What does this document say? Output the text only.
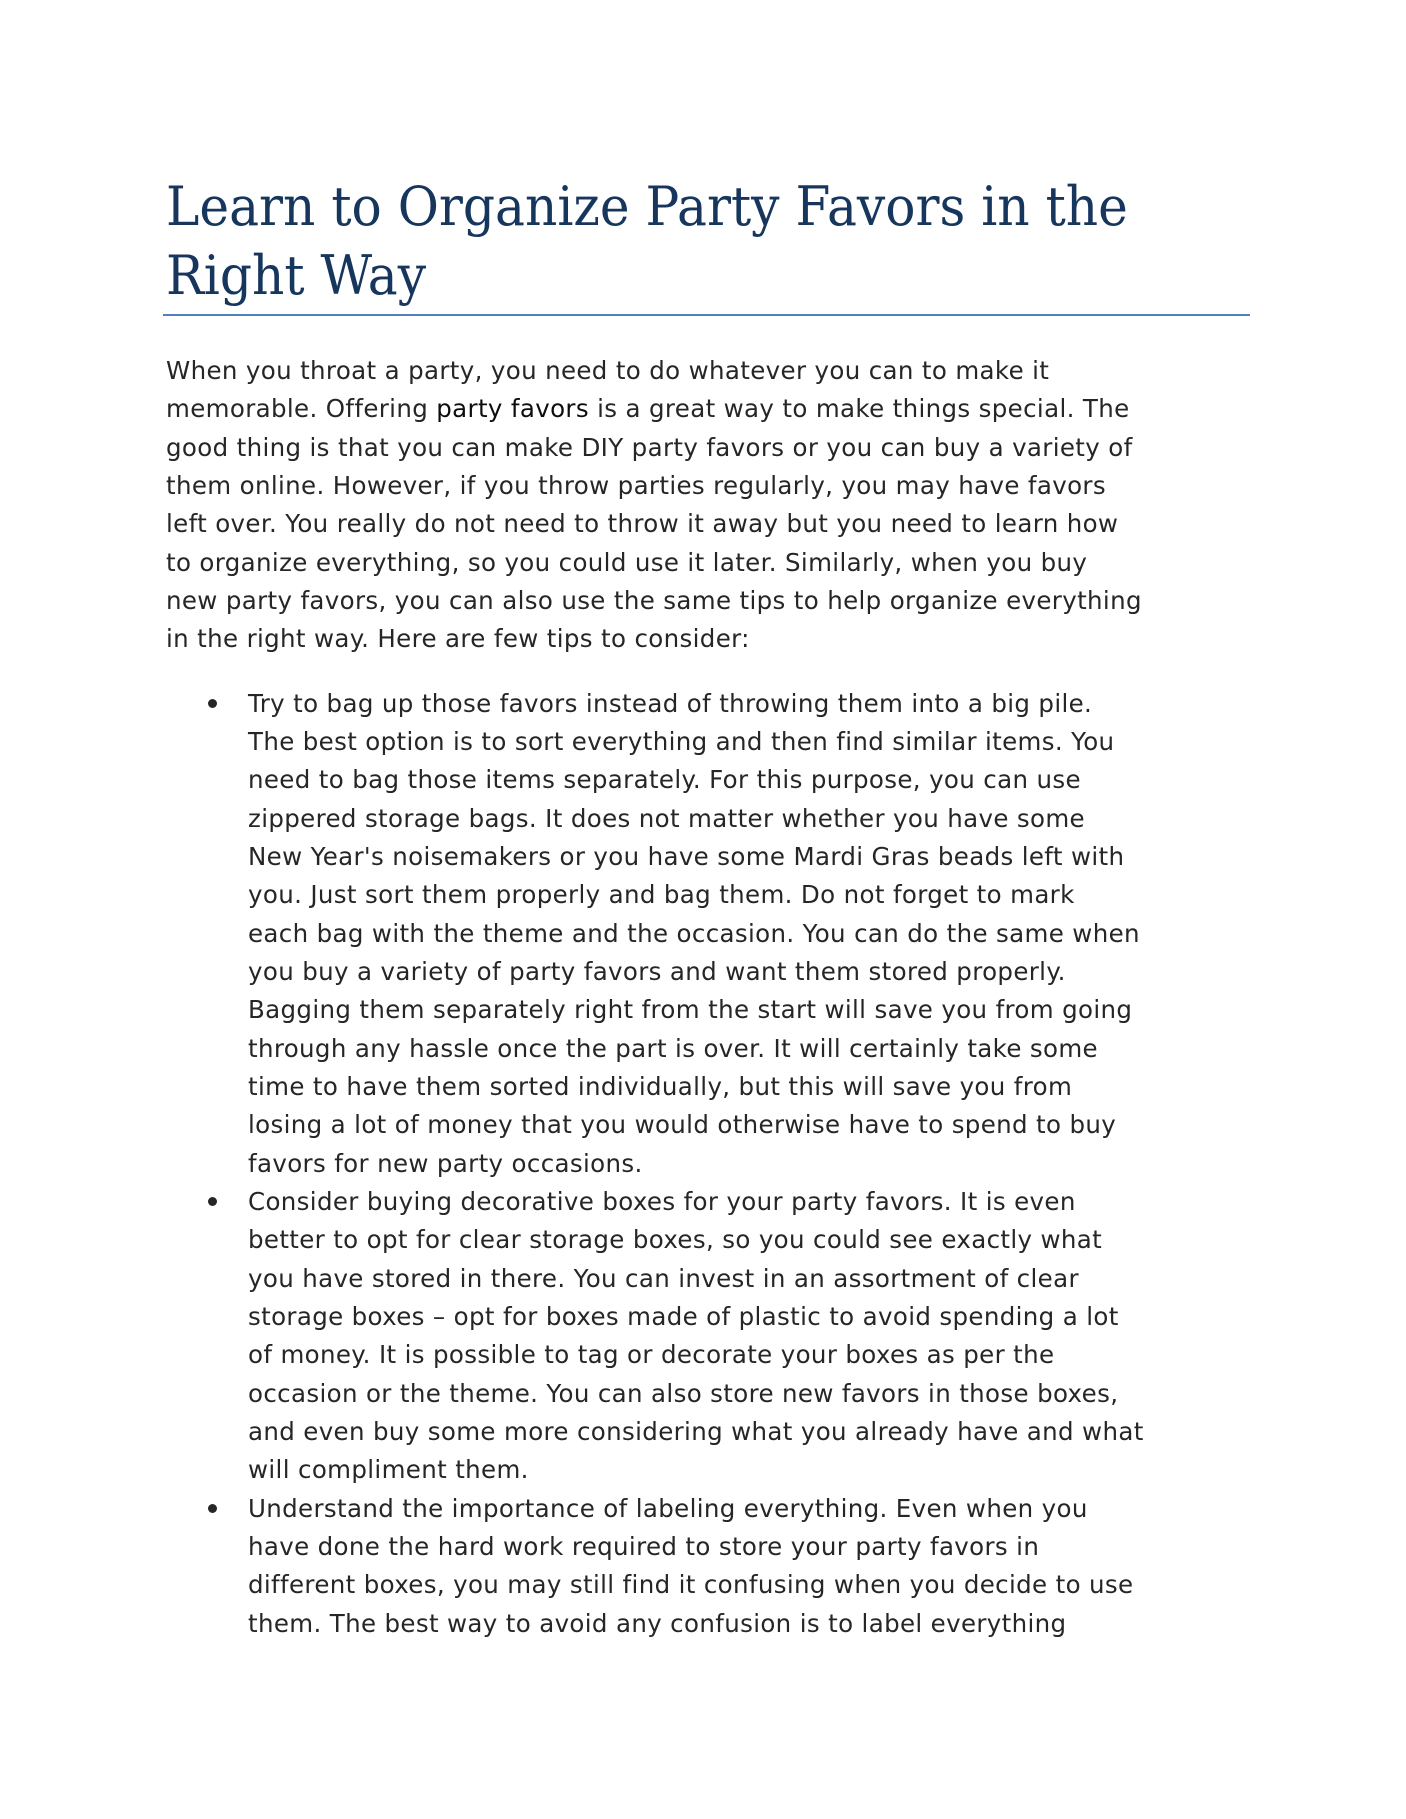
Learn to Organize Party Favors in the
Right Way
When you throat a party, you need to do whatever you can to make it
memorable. Offering party favors is a great way to make things special. The
good thing is that you can make DIY party favors or you can buy a variety of
them online. However, if you throw parties regularly, you may have favors
left over. You really do not need to throw it away but you need to learn how
to organize everything, so you could use it later. Similarly, when you buy
new party favors, you can also use the same tips to help organize everything
in the right way. Here are few tips to consider:
Try to bag up those favors instead of throwing them into a big pile.
The best option is to sort everything and then find similar items. You
need to bag those items separately. For this purpose, you can use
zippered storage bags. It does not matter whether you have some
New Year's noisemakers or you have some Mardi Gras beads left with
you. Just sort them properly and bag them. Do not forget to mark
each bag with the theme and the occasion. You can do the same when
you buy a variety of party favors and want them stored properly.
Bagging them separately right from the start will save you from going
through any hassle once the part is over. It will certainly take some
time to have them sorted individually, but this will save you from
losing a lot of money that you would otherwise have to spend to buy
favors for new party occasions.
Consider buying decorative boxes for your party favors. It is even
better to opt for clear storage boxes, so you could see exactly what
you have stored in there. You can invest in an assortment of clear
storage boxes – opt for boxes made of plastic to avoid spending a lot
of money. It is possible to tag or decorate your boxes as per the
occasion or the theme. You can also store new favors in those boxes,
and even buy some more considering what you already have and what
will compliment them.
Understand the importance of labeling everything. Even when you
have done the hard work required to store your party favors in
different boxes, you may still find it confusing when you decide to use
them. The best way to avoid any confusion is to label everything
